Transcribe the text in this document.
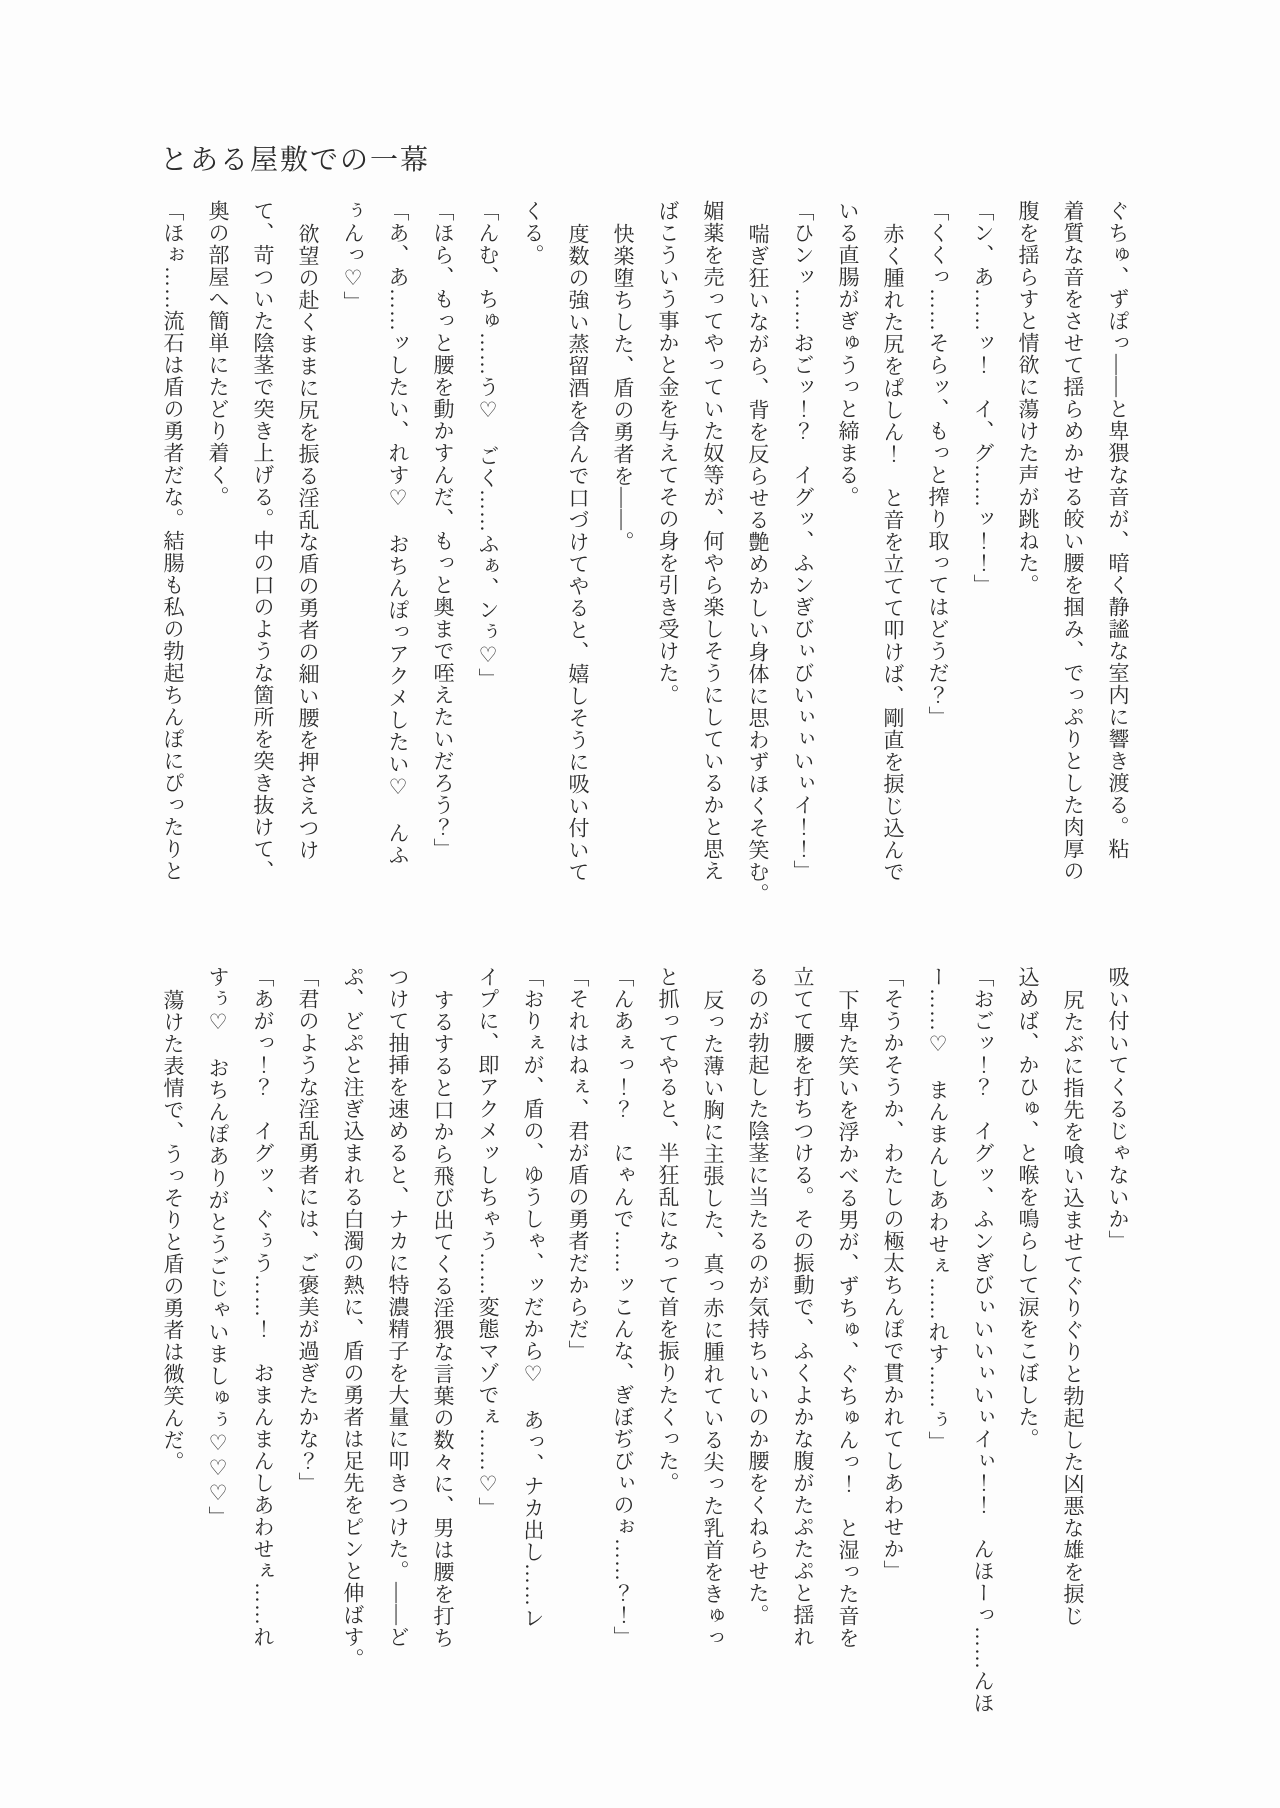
とある屋敷での一幕
ぐちゅ、ずぽっ――と卑猥な音が、暗く静謐な室内に響き渡る。粘
着質な音をさせて揺らめかせる皎い腰を掴み、でっぷりとした肉厚の
腹を揺らすと情欲に蕩けた声が跳ねた。
「ン、あ……ッ！　イ、グ……ッ！！」
「くくっ……そらッ、もっと搾り取ってはどうだ？」
赤く腫れた尻をぱしん！　と音を立てて叩けば、剛直を捩じ込んで
いる直腸がぎゅうっと締まる。
「ひンッ……おごッ！？　イグッ、ふンぎびぃびいぃぃいぃイ！！」
喘ぎ狂いながら、背を反らせる艶めかしい身体に思わずほくそ笑む。
媚薬を売ってやっていた奴等が、何やら楽しそうにしているかと思え
ばこういう事かと金を与えてその身を引き受けた。
快楽堕ちした、盾の勇者を――。
度数の強い蒸留酒を含んで口づけてやると、嬉しそうに吸い付いて
くる。
「んむ、ちゅ……う♡　ごく……ふぁ、ンぅ♡」
「ほら、もっと腰を動かすんだ、もっと奥まで咥えたいだろう？」
「あ、あ……ッしたい、れす♡　おちんぽっアクメしたい♡　んふ
ぅんっ♡」
欲望の赴くままに尻を振る淫乱な盾の勇者の細い腰を押さえつけ
て、苛ついた陰茎で突き上げる。中の口のような箇所を突き抜けて、
奥の部屋へ簡単にたどり着く。
「ほぉ……流石は盾の勇者だな。結腸も私の勃起ちんぽにぴったりと
吸い付いてくるじゃないか」
尻たぶに指先を喰い込ませてぐりぐりと勃起した凶悪な雄を捩じ
込めば、かひゅ、と喉を鳴らして涙をこぼした。
「おごッ！？　イグッ、ふンぎびぃいいぃいぃイぃ！！　んほーっ……んほ
ー……♡　まんまんしあわせぇ……れす……ぅ」
「そうかそうか、わたしの極太ちんぽで貫かれてしあわせか」
下卑た笑いを浮かべる男が、ずちゅ、ぐちゅんっ！　と湿った音を
立てて腰を打ちつける。その振動で、ふくよかな腹がたぷたぷと揺れ
るのが勃起した陰茎に当たるのが気持ちいいのか腰をくねらせた。
反った薄い胸に主張した、真っ赤に腫れている尖った乳首をきゅっ
と抓ってやると、半狂乱になって首を振りたくった。
「んあぇっ！？　にゃんで……ッこんな、ぎぼぢびぃのぉ……？！」
「それはねぇ、君が盾の勇者だからだ」
「おりぇが、盾の、ゆうしゃ、ッだから♡　あっ、ナカ出し……レ
イプに、即アクメッしちゃう……変態マゾでぇ……♡」
するすると口から飛び出てくる淫猥な言葉の数々に、男は腰を打ち
つけて抽挿を速めると、ナカに特濃精子を大量に叩きつけた。――ど
ぷ、どぷと注ぎ込まれる白濁の熱に、盾の勇者は足先をピンと伸ばす。
「君のような淫乱勇者には、ご褒美が過ぎたかな？」
「あがっ！？　イグッ、ぐぅう……！　おまんまんしあわせぇ……れ
すぅ♡　おちんぽありがとうごじゃいましゅぅ♡♡♡」
蕩けた表情で、うっそりと盾の勇者は微笑んだ。
